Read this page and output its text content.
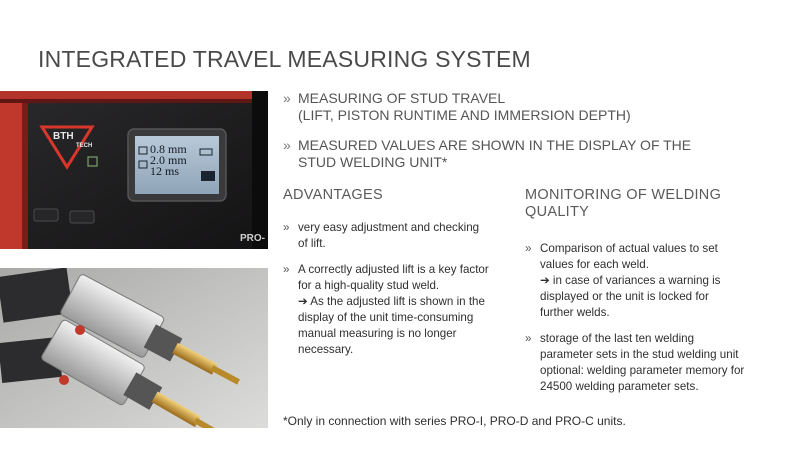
INTEGRATED TRAVEL MEASURING SYSTEM
BTH
TECH	0.8 mm
2.0 mm
12 ms
PRO-
» MEASURING OF STUD TRAVEL
(LIFT, PISTON RUNTIME AND IMMERSION DEPTH)
» MEASURED VALUES ARE SHOWN IN THE DISPLAY OF THE
STUD WELDING UNIT*
ADVANTAGES
» very easy adjustment and checking
of lift.
» A correctly adjusted lift is a key factor
for a high-quality stud weld.
➔ As the adjusted lift is shown in the
display of the unit time-consuming
manual measuring is no longer
necessary.
MONITORING OF WELDING
QUALITY
» Comparison of actual values to set
values for each weld.
➔ in case of variances a warning is
displayed or the unit is locked for
further welds.
» storage of the last ten welding
parameter sets in the stud welding unit
optional: welding parameter memory for
24500 welding parameter sets.
*Only in connection with series PRO-I, PRO-D and PRO-C units.
